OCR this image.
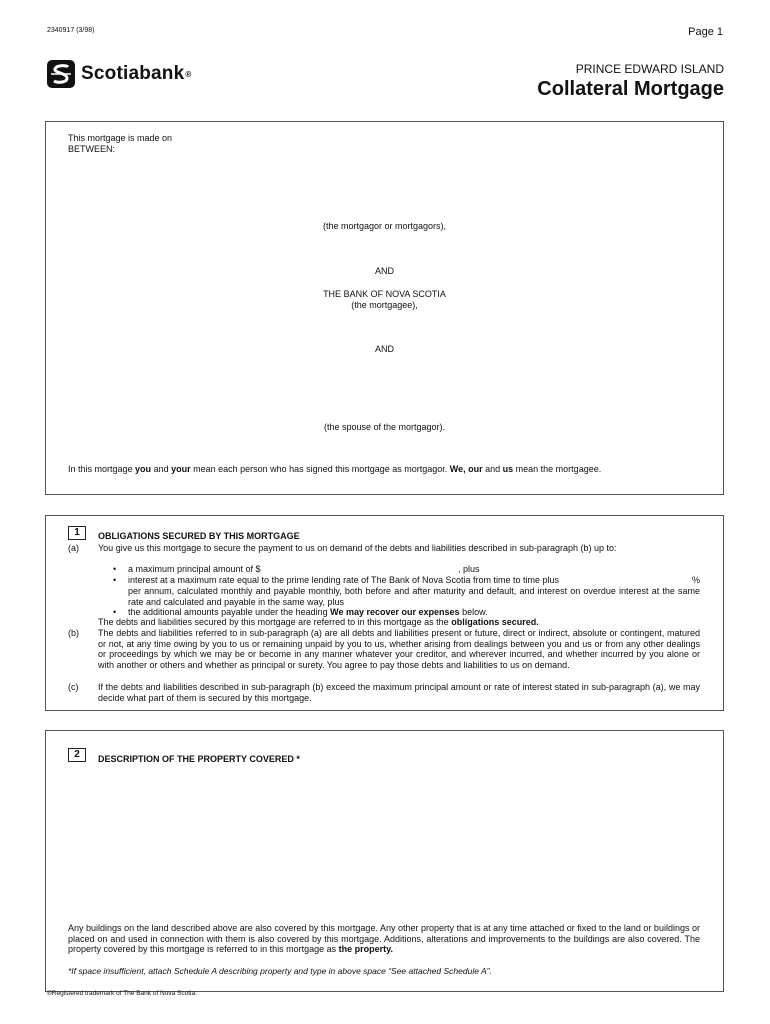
2340917 (3/98)	Page 1
Scotiabank ®	PRINCE EDWARD ISLAND
Collateral Mortgage
This mortgage is made on
BETWEEN:
(the mortgagor or mortgagors),
AND
THE BANK OF NOVA SCOTIA
(the mortgagee),
AND
(the spouse of the mortgagor).
In this mortgage you and your mean each person who has signed this mortgage as mortgagor. We, our and us mean the mortgagee.
1	OBLIGATIONS SECURED BY THIS MORTGAGE
(a) You give us this mortgage to secure the payment to us on demand of the debts and liabilities described in sub-paragraph (b) up to:
• a maximum principal amount of $	, plus
• interest at a maximum rate equal to the prime lending rate of The Bank of Nova Scotia from time to time plus	%
per annum, calculated monthly and payable monthly, both before and after maturity and default, and interest on overdue interest at the same rate and calculated and payable in the same way, plus
• the additional amounts payable under the heading We may recover our expenses below.
The debts and liabilities secured by this mortgage are referred to in this mortgage as the obligations secured.
(b) The debts and liabilities referred to in sub-paragraph (a) are all debts and liabilities present or future, direct or indirect, absolute or contingent, matured or not, at any time owing by you to us or remaining unpaid by you to us, whether arising from dealings between you and us or from any other dealings or proceedings by which we may be or become in any manner whatever your creditor, and wherever incurred, and whether incurred by you alone or with another or others and whether as principal or surety. You agree to pay those debts and liabilities to us on demand.
(c) If the debts and liabilities described in sub-paragraph (b) exceed the maximum principal amount or rate of interest stated in sub-paragraph (a), we may decide what part of them is secured by this mortgage.
2	DESCRIPTION OF THE PROPERTY COVERED *
Any buildings on the land described above are also covered by this mortgage. Any other property that is at any time attached or fixed to the land or buildings or placed on and used in connection with them is also covered by this mortgage. Additions, alterations and improvements to the buildings are also covered. The property covered by this mortgage is referred to in this mortgage as the property.
*If space insufficient, attach Schedule A describing property and type in above space “See attached Schedule A”.
®Registered trademark of The Bank of Nova Scotia.
